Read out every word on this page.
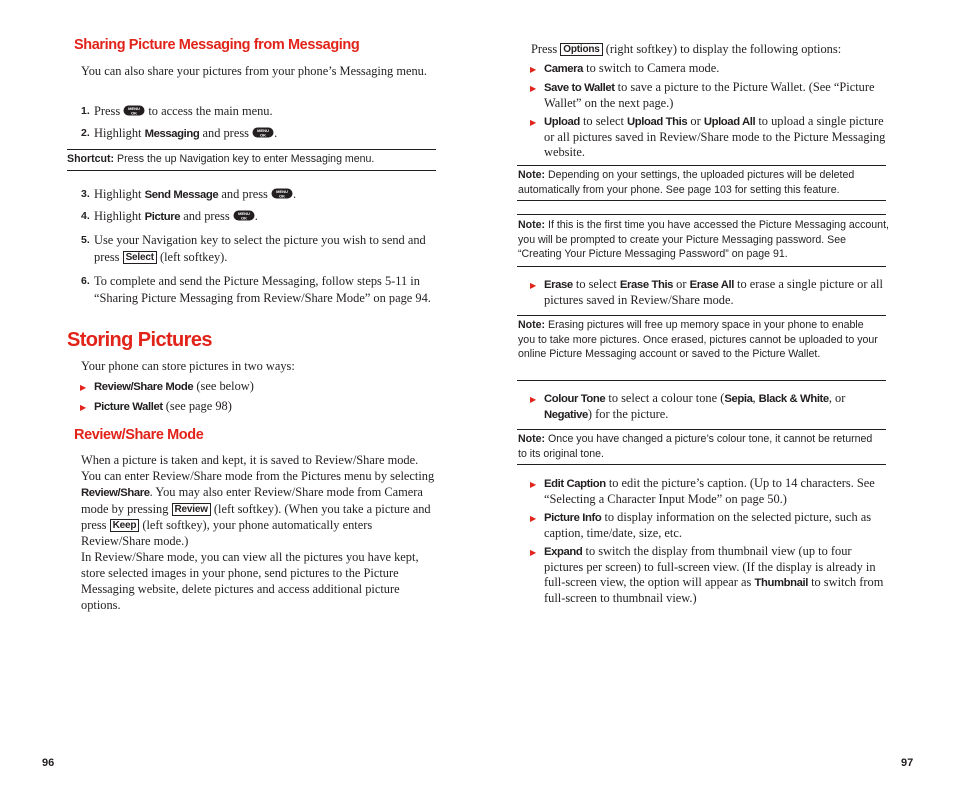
Sharing Picture Messaging from Messaging

You can also share your pictures from your phone’s Messaging menu.

1. Press MENU
OK to access the main menu.
2. Highlight Messaging and press MENU
OK .
Shortcut: Press the up Navigation key to enter Messaging menu.
3. Highlight Send Message and press MENU
OK .
4. Highlight Picture and press MENU
OK .
5. Use your Navigation key to select the picture you wish to send and press Select (left softkey).
6. To complete and send the Picture Messaging, follow steps 5-11 in “Sharing Picture Messaging from Review/Share Mode” on page 94.
Storing Pictures

Your phone can store pictures in two ways:

▶ Review/Share Mode (see below)
▶ Picture Wallet (see page 98)
Review/Share Mode

When a picture is taken and kept, it is saved to Review/Share mode. You can enter Review/Share mode from the Pictures menu by selecting Review/Share. You may also enter Review/Share mode from Camera mode by pressing Review (left softkey). (When you take a picture and press Keep (left softkey), your phone automatically enters Review/Share mode.)

In Review/Share mode, you can view all the pictures you have kept, store selected images in your phone, send pictures to the Picture Messaging website, delete pictures and access additional picture options.

96

Press Options (right softkey) to display the following options:

▶ Camera to switch to Camera mode.
▶ Save to Wallet to save a picture to the Picture Wallet. (See “Picture Wallet” on the next page.)
▶ Upload to select Upload This or Upload All to upload a single picture or all pictures saved in Review/Share mode to the Picture Messaging website.
Note: Depending on your settings, the uploaded pictures will be deleted automatically from your phone. See page 103 for setting this feature.
Note: If this is the first time you have accessed the Picture Messaging account, you will be prompted to create your Picture Messaging password. See “Creating Your Picture Messaging Password” on page 91.
▶ Erase to select Erase This or Erase All to erase a single picture or all pictures saved in Review/Share mode.
Note: Erasing pictures will free up memory space in your phone to enable you to take more pictures. Once erased, pictures cannot be uploaded to your online Picture Messaging account or saved to the Picture Wallet.
▶ Colour Tone to select a colour tone (Sepia, Black & White, or Negative) for the picture.
Note: Once you have changed a picture’s colour tone, it cannot be returned to its original tone.
▶ Edit Caption to edit the picture’s caption. (Up to 14 characters. See “Selecting a Character Input Mode” on page 50.)
▶ Picture Info to display information on the selected picture, such as caption, time/date, size, etc.
▶ Expand to switch the display from thumbnail view (up to four pictures per screen) to full-screen view. (If the display is already in full-screen view, the option will appear as Thumbnail to switch from full-screen to thumbnail view.)
97
